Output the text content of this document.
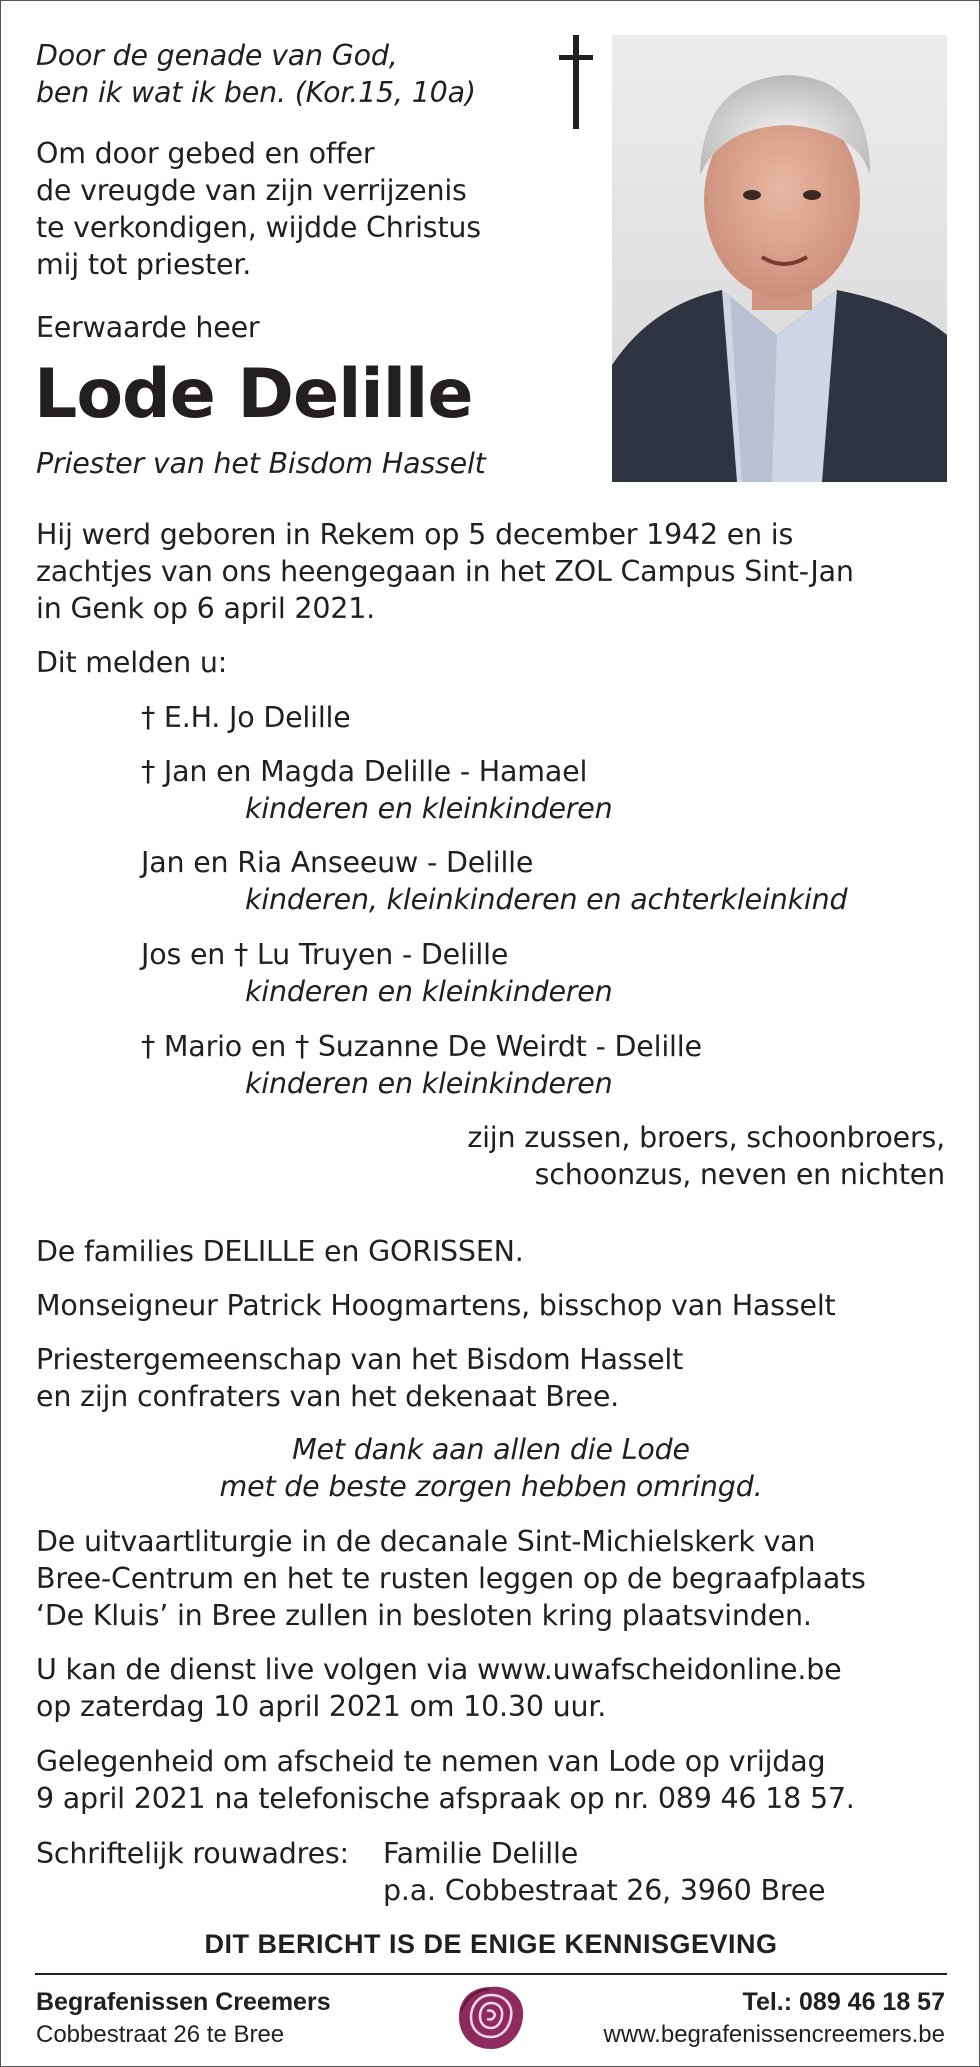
Door de genade van God,

ben ik wat ik ben. (Kor.15, 10a)

Om door gebed en offer

de vreugde van zijn verrijzenis

te verkondigen, wijdde Christus

mij tot priester.

Eerwaarde heer
Lode Delille
Priester van het Bisdom Hasselt

Hij werd geboren in Rekem op 5 december 1942 en is

zachtjes van ons heengegaan in het ZOL Campus Sint-Jan

in Genk op 6 april 2021.

Dit melden u:
† E.H. Jo Delille
† Jan en Magda Delille - Hamael
kinderen en kleinkinderen
Jan en Ria Anseeuw - Delille
kinderen, kleinkinderen en achterkleinkind
Jos en † Lu Truyen - Delille
kinderen en kleinkinderen
† Mario en † Suzanne De Weirdt - Delille
kinderen en kleinkinderen

zijn zussen, broers, schoonbroers,

schoonzus, neven en nichten

De families DELILLE en GORISSEN.
Monseigneur Patrick Hoogmartens, bisschop van Hasselt

Priestergemeenschap van het Bisdom Hasselt

en zijn confraters van het dekenaat Bree.

Met dank aan allen die Lode

met de beste zorgen hebben omringd.

De uitvaartliturgie in de decanale Sint-Michielskerk van

Bree-Centrum en het te rusten leggen op de begraafplaats

‘De Kluis’ in Bree zullen in besloten kring plaatsvinden.

U kan de dienst live volgen via www.uwafscheidonline.be

op zaterdag 10 april 2021 om 10.30 uur.

Gelegenheid om afscheid te nemen van Lode op vrijdag

9 april 2021 na telefonische afspraak op nr. 089 46 18 57.

Schriftelijk rouwadres: Familie Delille

p.a. Cobbestraat 26, 3960 Bree

DIT BERICHT IS DE ENIGE KENNISGEVING
Begrafenissen Creemers
Cobbestraat 26 te Bree
Tel.: 089 46 18 57
www.begrafenissencreemers.be
